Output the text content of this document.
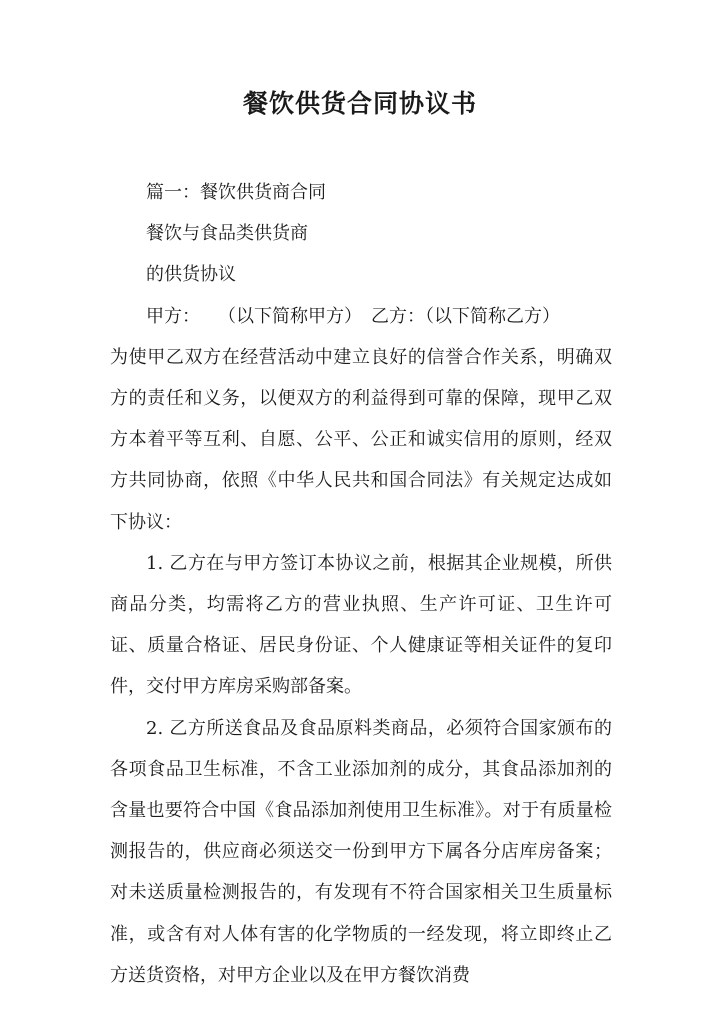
餐饮供货合同协议书

篇一：餐饮供货商合同

餐饮与食品类供货商

的供货协议

甲方：　　（以下简称甲方）　乙方：（以下简称乙方）

为使甲乙双方在经营活动中建立良好的信誉合作关系，明确双方的责任和义务，以便双方的利益得到可靠的保障，现甲乙双方本着平等互利、自愿、公平、公正和诚实信用的原则，经双方共同协商，依照《中华人民共和国合同法》有关规定达成如下协议：

1. 乙方在与甲方签订本协议之前，根据其企业规模，所供商品分类，均需将乙方的营业执照、生产许可证、卫生许可证、质量合格证、居民身份证、个人健康证等相关证件的复印件，交付甲方库房采购部备案。

2. 乙方所送食品及食品原料类商品，必须符合国家颁布的各项食品卫生标准，不含工业添加剂的成分，其食品添加剂的含量也要符合中国《食品添加剂使用卫生标准》。对于有质量检测报告的，供应商必须送交一份到甲方下属各分店库房备案；对未送质量检测报告的，有发现有不符合国家相关卫生质量标准，或含有对人体有害的化学物质的一经发现，将立即终止乙方送货资格，对甲方企业以及在甲方餐饮消费
